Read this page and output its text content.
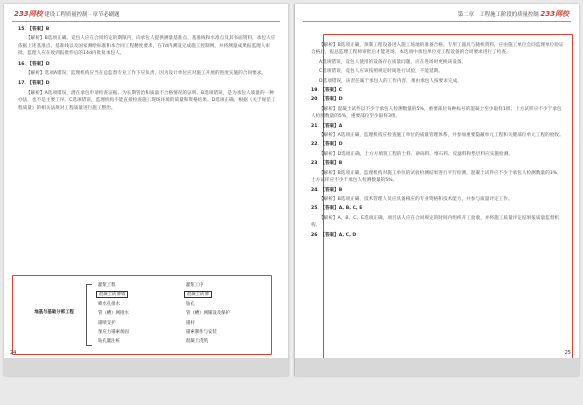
233网校 建设工程质量控制 · 章节必刷题
15. 【答案】B
【解析】B选项正确。竞包人应在合同约定的期限内，向承包人提供测量基准点、基准线和水准点及其书面资料，承包人应依据上述基准点、基准线以及国家测绘标准和本合同工程精度要求，在7d内测设完成施工控制网，并将测量成果报监理人审批。监理人应在收到报批件后的14d内批复承包人。
16. 【答案】D
【解析】选项A错误，监理机构应当在总监督专业工作下应负责，因为设计单位应对施工开展的进度实施的合同要求。
17. 【答案】D
【解析】A选项错误，潜在承包申请检查证据，为长期管治和质量不合格情况的证明。B选项错误，是为承包人质量的一种办法，也不是主要工序。C选项错误，监理机构不能直接检查施工现场环境的质量和资格结果。D选项正确，根据《关于规范工程质量》的相关法规对工程质量进行施工整治。
地基与基础分部工程
灌浆工程
混凝土防渗墙
喷水孔排水
管（槽）网排水
锚喷支护
预应力锚索加固
钻孔灌注桩
灌浆工序
混凝土防渗
钻孔
管（槽）网铺设及保护
锚杆
锚索制作与安装
混凝土浇筑
24
第二章　工程施工阶段的质量控制 233网校
【解析】B选项正确，预制工程设备进入施工场地的准备合格。专用工器具与随机资料，应由施工单位会同监理单位验证合格后，报总监理工程师审批后才能进场。本选项中承包单位对工程设备的合同要求进行了检查。
A选项错误，竞包人使用的设备存在质量问题，应在进场时更换该设备。
C选项错误，竞包人应该按照规定时间进行试验，不能延期。
D选项错误，该责任属于承包人的工作内容，须由承包人按要求完成。
19. 【答案】C
20. 【答案】D
【解析】混凝土试件以不少于承包人检测数量的5%，重要部位每种标号的混凝土至少取样1组；土方试样应不少于承包人检测数量的5%，重要部位至少取样3组。
21. 【答案】A
【解析】A选项正确，监理机构应检查施工单位的质量管理体系，并参加重要隐蔽单元工程和关键部位单元工程的验收。
22. 【答案】D
【解析】D选项正确，土方方填筑工程的土料、砂砾料、堆石料、反滤料和垫层料应实施检测。
23. 【答案】B
【解析】B选项正确，监理机构对施工单位的试验检测结果进行平行检测。混凝土试件应不少于承包人检测数量的3%，土方试样应不少于承包人检测数量的5%。
24. 【答案】B
【解析】B选项正确，技术管理人员应具备相应的专业资格和技术能力，并参与质量评定工作。
25. 【答案】A, B, C, E
【解析】A、B、C、E选项正确，项目法人应在合同规定的时间内组织开工验收，并将施工质量评定结果报质量监督机构。
26. 【答案】A, C, D
25
